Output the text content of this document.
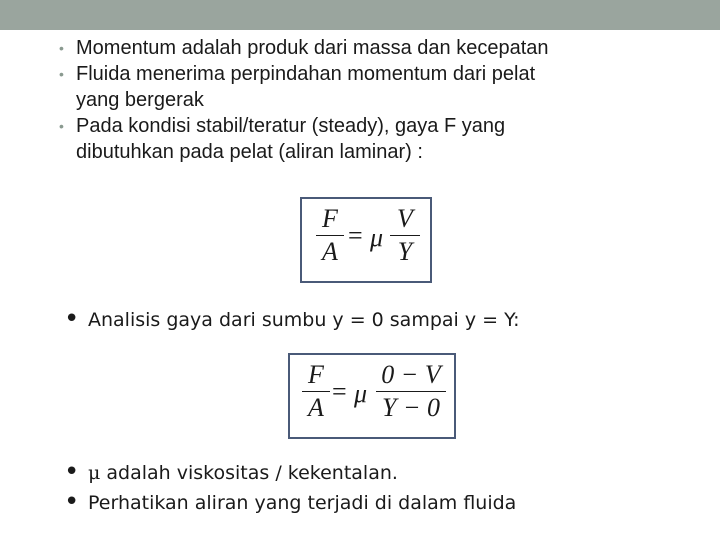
• Momentum adalah produk dari massa dan kecepatan
• Fluida menerima perpindahan momentum dari pelat
yang bergerak
• Pada kondisi stabil/teratur (steady), gaya F yang
dibutuhkan pada pelat (aliran laminar) :
F
A
= μ
V
Y
• Analisis gaya dari sumbu y = 0 sampai y = Y:
F
A
= μ
0 − V
Y − 0
• μ adalah viskositas / kekentalan.
• Perhatikan aliran yang terjadi di dalam fluida
